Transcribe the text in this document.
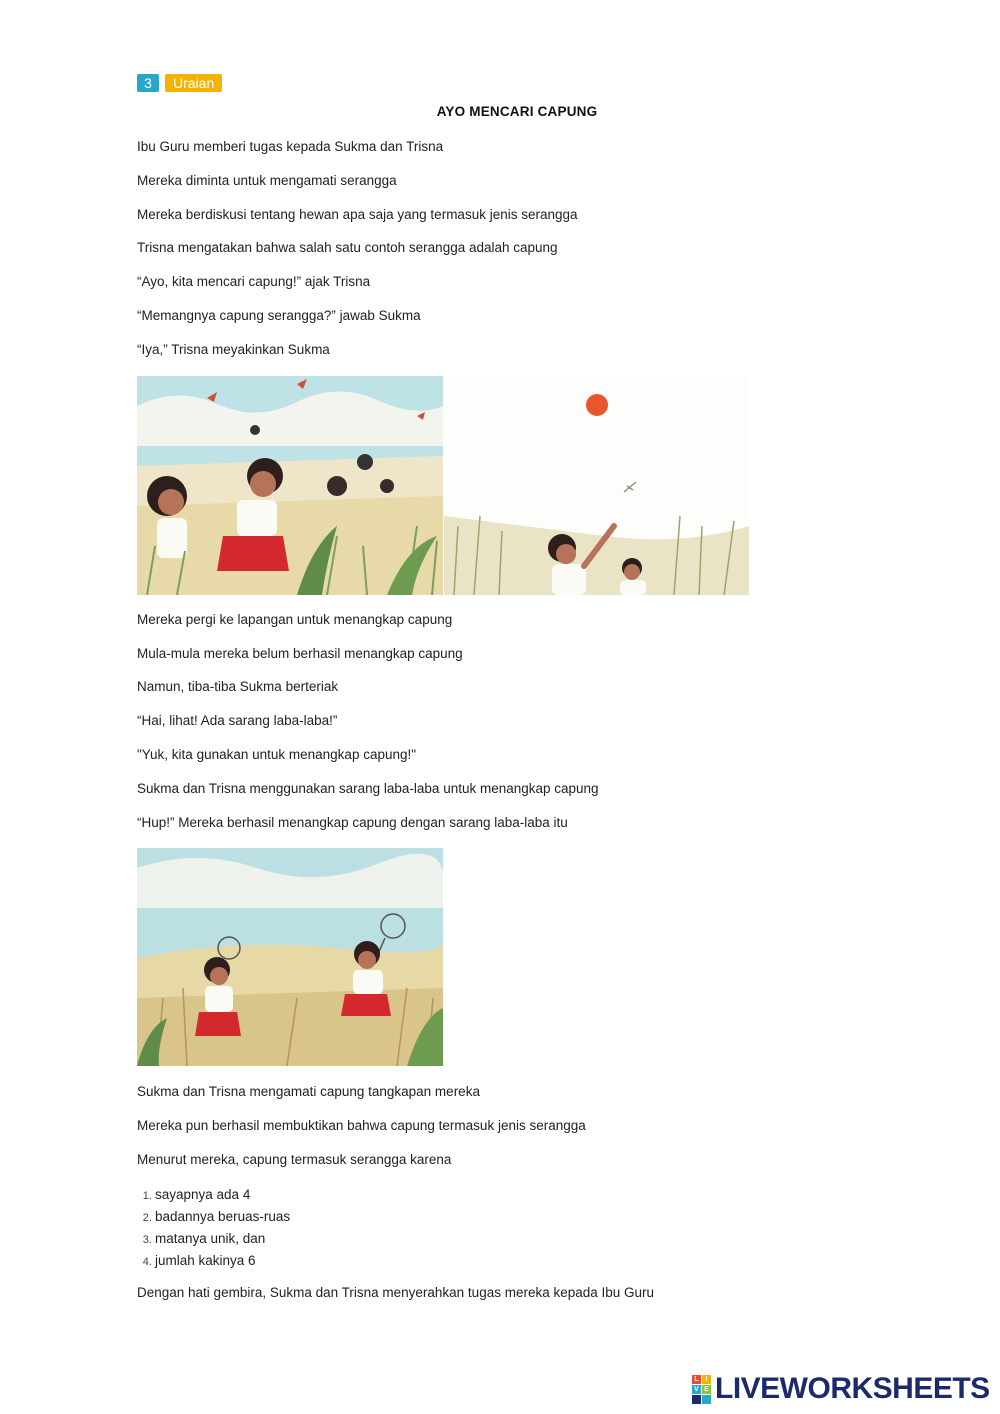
3	Uraian
AYO MENCARI CAPUNG
Ibu Guru memberi tugas kepada Sukma dan Trisna
Mereka diminta untuk mengamati serangga
Mereka berdiskusi tentang hewan apa saja yang termasuk jenis serangga
Trisna mengatakan bahwa salah satu contoh serangga adalah capung
“Ayo, kita mencari capung!” ajak Trisna
“Memangnya capung serangga?” jawab Sukma
“Iya,” Trisna meyakinkan Sukma
Mereka pergi ke lapangan untuk menangkap capung
Mula-mula mereka belum berhasil menangkap capung
Namun, tiba-tiba Sukma berteriak
“Hai, lihat! Ada sarang laba-laba!”
"Yuk, kita gunakan untuk menangkap capung!"
Sukma dan Trisna menggunakan sarang laba-laba untuk menangkap capung
“Hup!” Mereka berhasil menangkap capung dengan sarang laba-laba itu
Sukma dan Trisna mengamati capung tangkapan mereka
Mereka pun berhasil membuktikan bahwa capung termasuk jenis serangga
Menurut mereka, capung termasuk serangga karena
1. sayapnya ada 4
2. badannya beruas-ruas
3. matanya unik, dan
4. jumlah kakinya 6
Dengan hati gembira, Sukma dan Trisna menyerahkan tugas mereka kepada Ibu Guru
L I
V E LIVEWORKSHEETS
